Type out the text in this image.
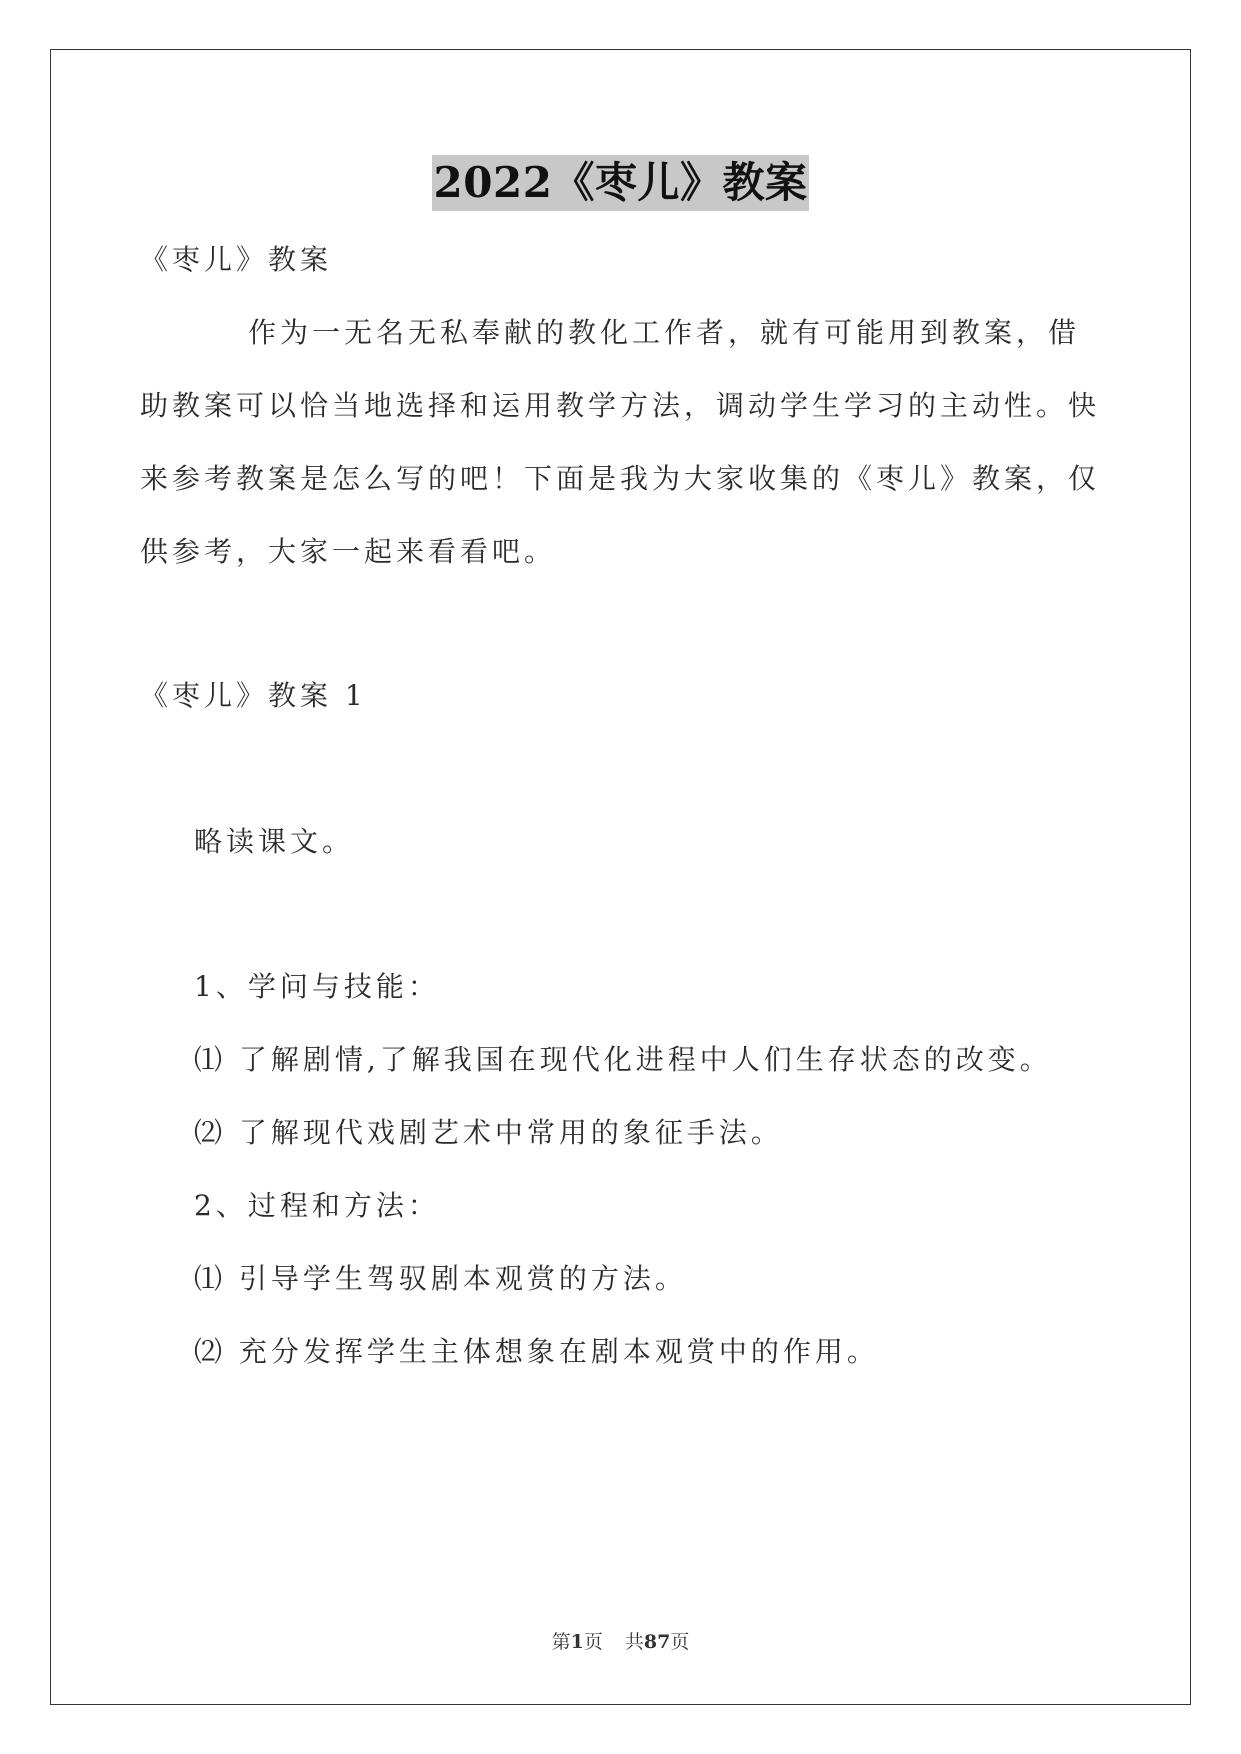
2022《枣儿》教案
《枣儿》教案
作为一无名无私奉献的教化工作者，就有可能用到教案，借
助教案可以恰当地选择和运用教学方法，调动学生学习的主动性。快
来参考教案是怎么写的吧！下面是我为大家收集的《枣儿》教案，仅
供参考，大家一起来看看吧。
《枣儿》教案 1
略读课文。
1、学问与技能：
⑴ 了解剧情,了解我国在现代化进程中人们生存状态的改变。
⑵ 了解现代戏剧艺术中常用的象征手法。
2、过程和方法：
⑴ 引导学生驾驭剧本观赏的方法。
⑵ 充分发挥学生主体想象在剧本观赏中的作用。
第1页 共87页
